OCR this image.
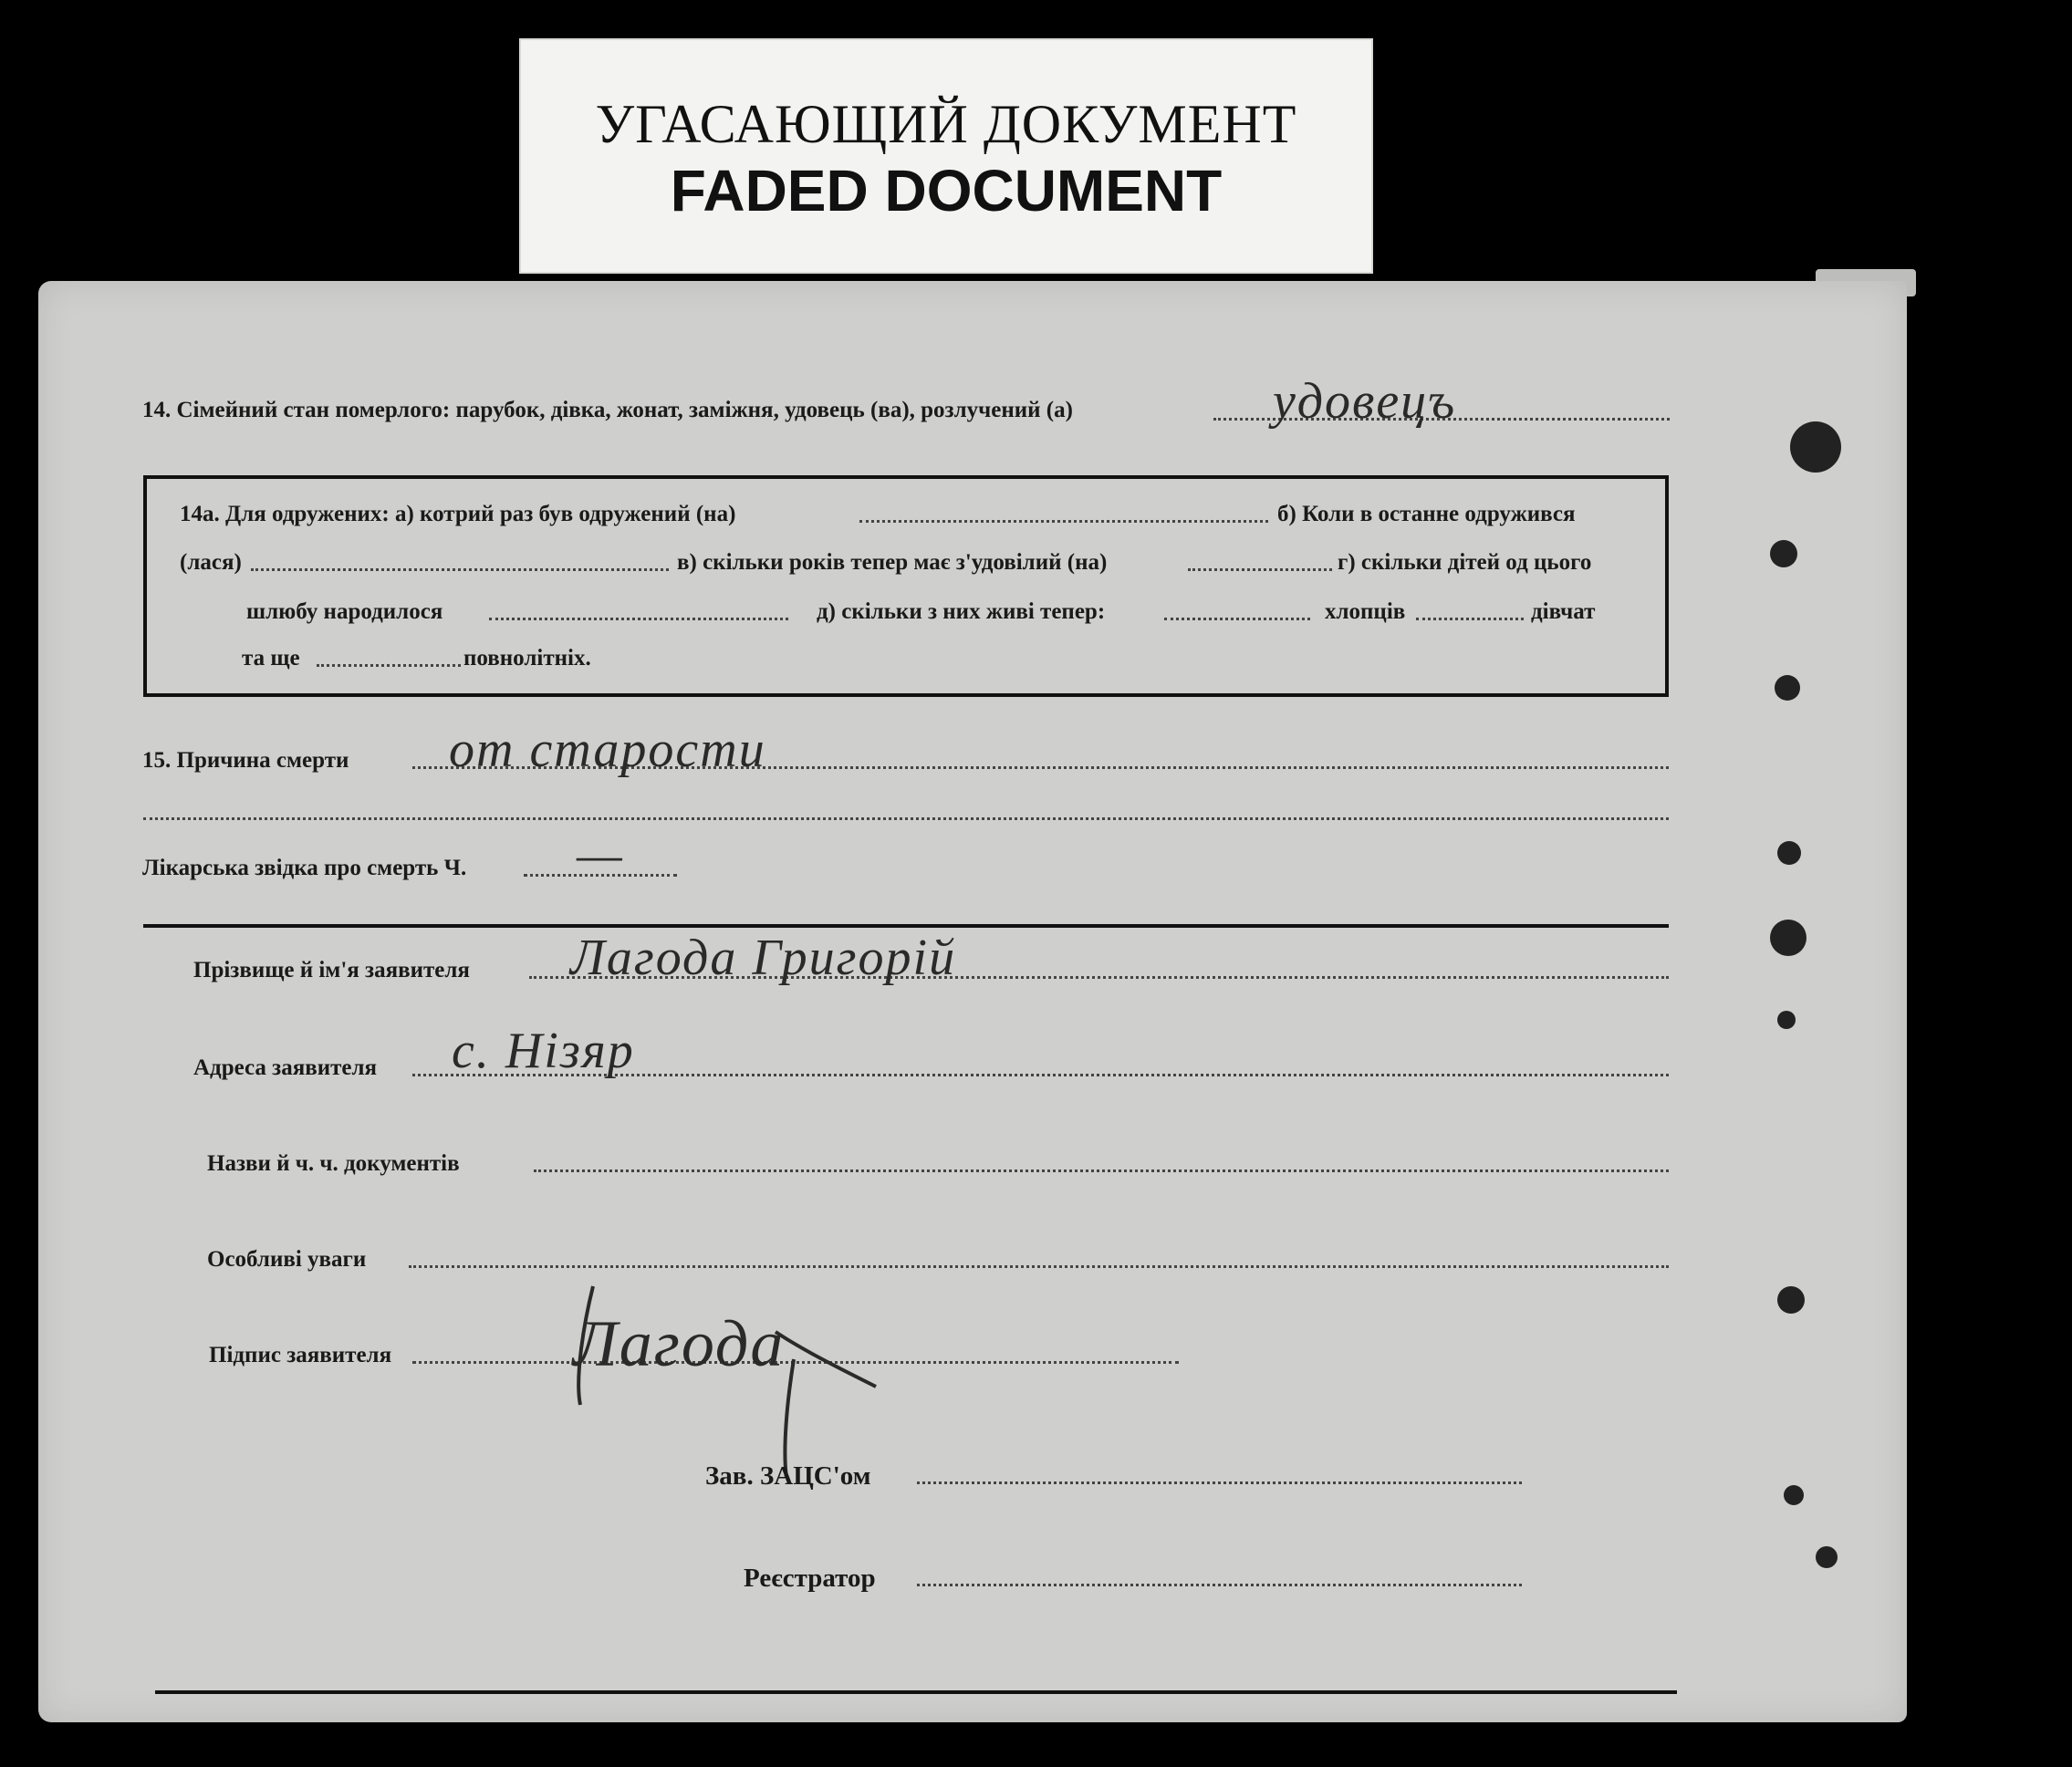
УГАСАЮЩИЙ ДОКУМЕНТ
FADED DOCUMENT
14. Сімейний стан померлого: парубок, дівка, жонат, заміжня, удовець (ва), розлучений (а)	удовецъ
14а. Для одружених: а) котрий раз був одружений (на)	б) Коли в останне одружився
(лася)	в) скільки років тепер має з'удовілий (на)	г) скільки дітей од цього
шлюбу народилося	д) скільки з них живі тепер:	хлопців	дівчат
та ще	повнолітніх.
15. Причина смерти от старости
Лікарська звідка про смерть Ч. —
Прізвище й ім'я заявителя Лагода Григорій
Адреса заявителя с. Нізяр
Назви й ч. ч. документів
Особливі уваги
Підпис заявителя	Лагода
Зав. ЗАЦС'ом
Реєстратор
